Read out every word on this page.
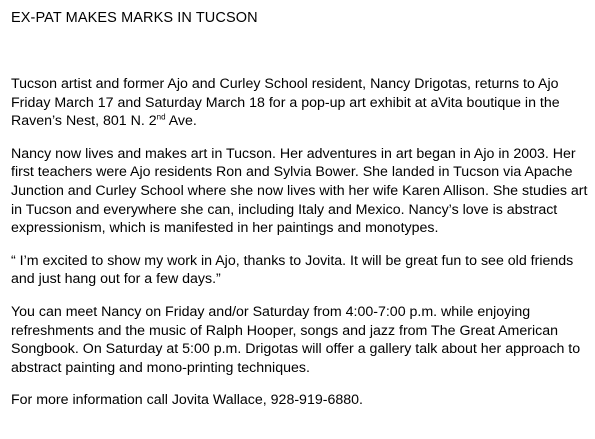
EX-PAT MAKES MARKS IN TUCSON

Tucson artist and former Ajo and Curley School resident, Nancy Drigotas, returns to Ajo Friday March 17 and Saturday March 18 for a pop-up art exhibit at aVita boutique in the Raven’s Nest, 801 N. 2nd Ave.

Nancy now lives and makes art in Tucson. Her adventures in art began in Ajo in 2003. Her first teachers were Ajo residents Ron and Sylvia Bower. She landed in Tucson via Apache Junction and Curley School where she now lives with her wife Karen Allison. She studies art in Tucson and everywhere she can, including Italy and Mexico. Nancy’s love is abstract expressionism, which is manifested in her paintings and monotypes.

“ I’m excited to show my work in Ajo, thanks to Jovita. It will be great fun to see old friends and just hang out for a few days.”

You can meet Nancy on Friday and/or Saturday from 4:00-7:00 p.m. while enjoying refreshments and the music of Ralph Hooper, songs and jazz from The Great American Songbook. On Saturday at 5:00 p.m. Drigotas will offer a gallery talk about her approach to abstract painting and mono-printing techniques.

For more information call Jovita Wallace, 928-919-6880.
